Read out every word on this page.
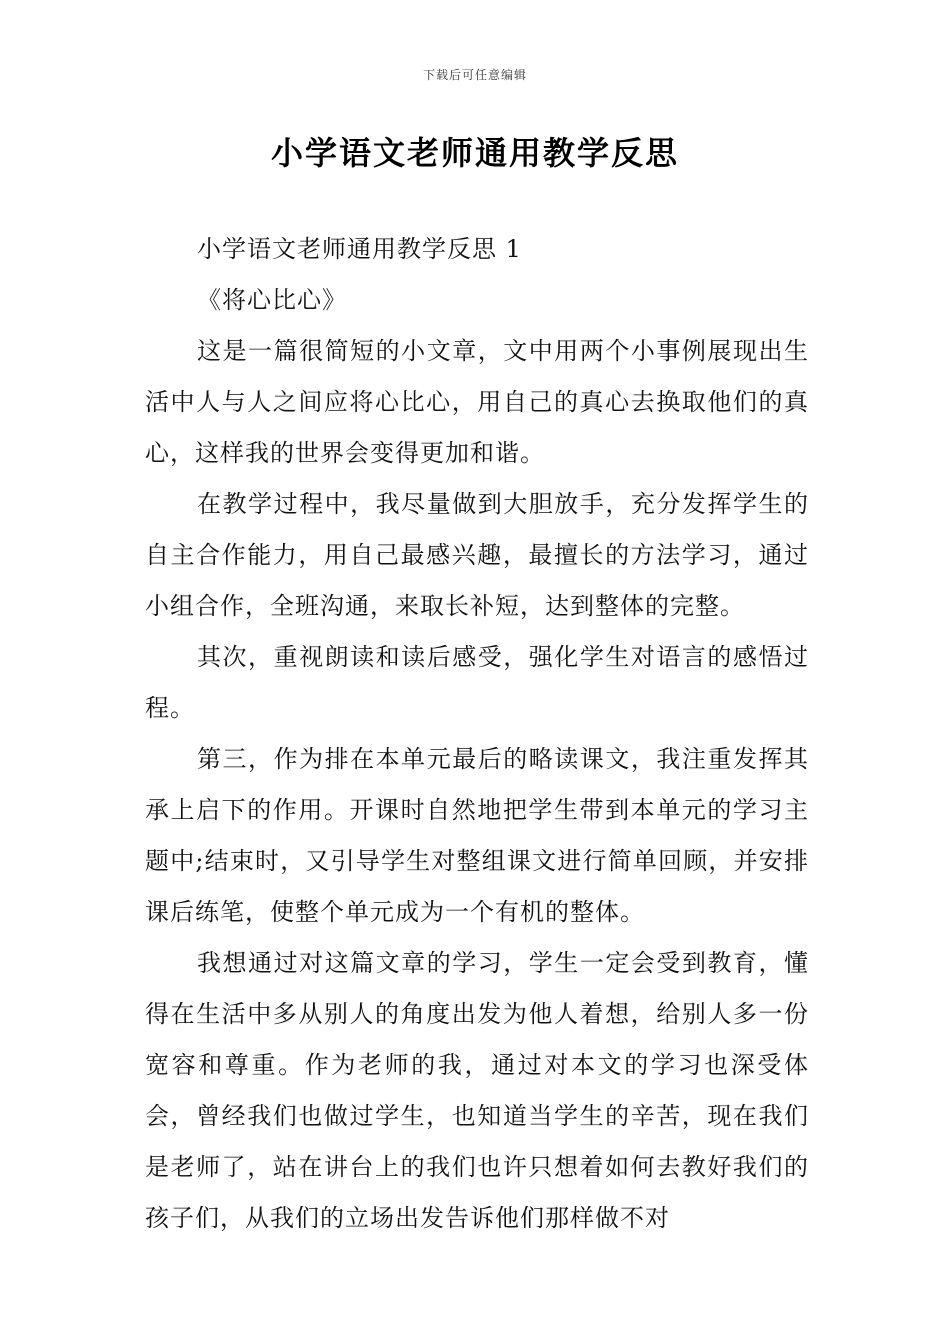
下载后可任意编辑
小学语文老师通用教学反思

小学语文老师通用教学反思 1

《将心比心》

这是一篇很简短的小文章，文中用两个小事例展现出生活中人与人之间应将心比心，用自己的真心去换取他们的真心，这样我的世界会变得更加和谐。

在教学过程中，我尽量做到大胆放手，充分发挥学生的自主合作能力，用自己最感兴趣，最擅长的方法学习，通过小组合作，全班沟通，来取长补短，达到整体的完整。

其次，重视朗读和读后感受，强化学生对语言的感悟过程。

第三，作为排在本单元最后的略读课文，我注重发挥其承上启下的作用。开课时自然地把学生带到本单元的学习主题中;结束时，又引导学生对整组课文进行简单回顾，并安排课后练笔，使整个单元成为一个有机的整体。

我想通过对这篇文章的学习，学生一定会受到教育，懂得在生活中多从别人的角度出发为他人着想，给别人多一份宽容和尊重。作为老师的我，通过对本文的学习也深受体会，曾经我们也做过学生，也知道当学生的辛苦，现在我们是老师了，站在讲台上的我们也许只想着如何去教好我们的孩子们，从我们的立场出发告诉他们那样做不对
